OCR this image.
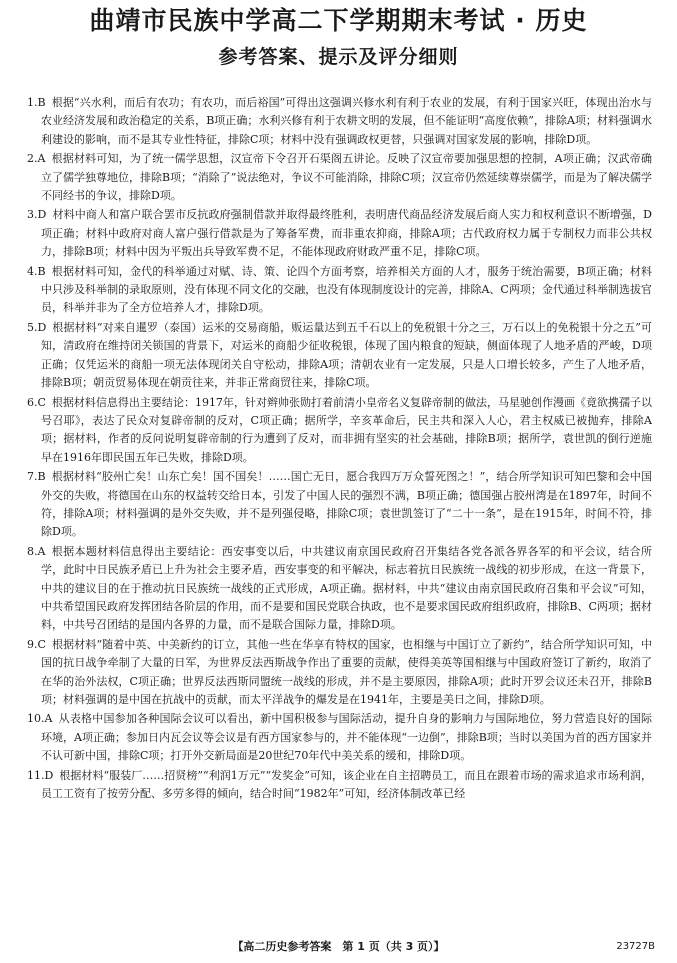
曲靖市民族中学高二下学期期末考试 · 历史
参考答案、提示及评分细则

1.B 根据“兴水利，而后有农功；有农功，而后裕国”可得出这强调兴修水利有利于农业的发展，有利于国家兴旺，体现出治水与农业经济发展和政治稳定的关系，B项正确；水利兴修有利于农耕文明的发展，但不能证明“高度依赖”，排除A项；材料强调水利建设的影响，而不是其专业性特征，排除C项；材料中没有强调政权更替，只强调对国家发展的影响，排除D项。

2.A 根据材料可知，为了统一儒学思想，汉宣帝下令召开石渠阁五讲论。反映了汉宣帝要加强思想的控制，A项正确；汉武帝确立了儒学独尊地位，排除B项；“消除了”说法绝对，争议不可能消除，排除C项；汉宣帝仍然延续尊崇儒学，而是为了解决儒学不同经书的争议，排除D项。

3.D 材料中商人和富户联合罢市反抗政府强制借款并取得最终胜利，表明唐代商品经济发展后商人实力和权利意识不断增强，D项正确；材料中政府对商人富户强行借款是为了筹备军费，而非重农抑商，排除A项；古代政府权力属于专制权力而非公共权力，排除B项；材料中因为平叛出兵导致军费不足，不能体现政府财政严重不足，排除C项。

4.B 根据材料可知，金代的科举通过对赋、诗、策、论四个方面考察，培养相关方面的人才，服务于统治需要，B项正确；材料中只涉及科举制的录取原则，没有体现不同文化的交融，也没有体现制度设计的完善，排除A、C两项；金代通过科举制选拔官员，科举并非为了全方位培养人才，排除D项。

5.D 根据材料“对来自暹罗（泰国）运米的交易商船，贩运量达到五千石以上的免税银十分之三，万石以上的免税银十分之五”可知，清政府在维持闭关锁国的背景下，对运米的商船少征收税银，体现了国内粮食的短缺，侧面体现了人地矛盾的严峻，D项正确；仅凭运米的商船一项无法体现闭关自守松动，排除A项；清朝农业有一定发展，只是人口增长较多，产生了人地矛盾，排除B项；朝贡贸易体现在朝贡往来，并非正常商贸往来，排除C项。

6.C 根据材料信息得出主要结论：1917年，针对辫帅张勋打着前清小皇帝名义复辟帝制的做法，马星驰创作漫画《竟欲携孺子以号召耶》，表达了民众对复辟帝制的反对，C项正确；据所学，辛亥革命后，民主共和深入人心，君主权威已被抛弃，排除A项；据材料，作者的反问说明复辟帝制的行为遭到了反对，而非拥有坚实的社会基础，排除B项；据所学，袁世凯的倒行逆施早在1916年即民国五年已失败，排除D项。

7.B 根据材料“胶州亡矣！山东亡矣！国不国矣！……国亡无日，愿合我四万万众誓死图之！”，结合所学知识可知巴黎和会中国外交的失败，将德国在山东的权益转交给日本，引发了中国人民的强烈不满，B项正确；德国强占胶州湾是在1897年，时间不符，排除A项；材料强调的是外交失败，并不是列强侵略，排除C项；袁世凯签订了“二十一条”，是在1915年，时间不符，排除D项。

8.A 根据本题材料信息得出主要结论：西安事变以后，中共建议南京国民政府召开集结各党各派各界各军的和平会议，结合所学，此时中日民族矛盾已上升为社会主要矛盾，西安事变的和平解决，标志着抗日民族统一战线的初步形成，在这一背景下，中共的建议目的在于推动抗日民族统一战线的正式形成，A项正确。据材料，中共“建议由南京国民政府召集和平会议”可知，中共希望国民政府发挥团结各阶层的作用，而不是要和国民党联合执政，也不是要求国民政府组织政府，排除B、C两项；据材料，中共号召团结的是国内各界的力量，而不是联合国际力量，排除D项。

9.C 根据材料“随着中英、中美新约的订立，其他一些在华享有特权的国家，也相继与中国订立了新约”，结合所学知识可知，中国的抗日战争牵制了大量的日军，为世界反法西斯战争作出了重要的贡献，使得美英等国相继与中国政府签订了新约，取消了在华的治外法权，C项正确；世界反法西斯同盟统一战线的形成，并不是主要原因，排除A项；此时开罗会议还未召开，排除B项；材料强调的是中国在抗战中的贡献，而太平洋战争的爆发是在1941年，主要是美日之间，排除D项。

10.A 从表格中国参加各种国际会议可以看出，新中国积极参与国际活动，提升自身的影响力与国际地位，努力营造良好的国际环境，A项正确；参加日内瓦会议等会议是有西方国家参与的，并不能体现“一边倒”，排除B项；当时以美国为首的西方国家并不认可新中国，排除C项；打开外交新局面是20世纪70年代中美关系的缓和，排除D项。

11.D 根据材料“服装厂……招贤榜”“利润1万元”“发奖金”可知，该企业在自主招聘员工，而且在跟着市场的需求追求市场利润，员工工资有了按劳分配、多劳多得的倾向，结合时间“1982年”可知，经济体制改革已经

【高二历史参考答案　第 1 页（共 3 页）】	23727B
